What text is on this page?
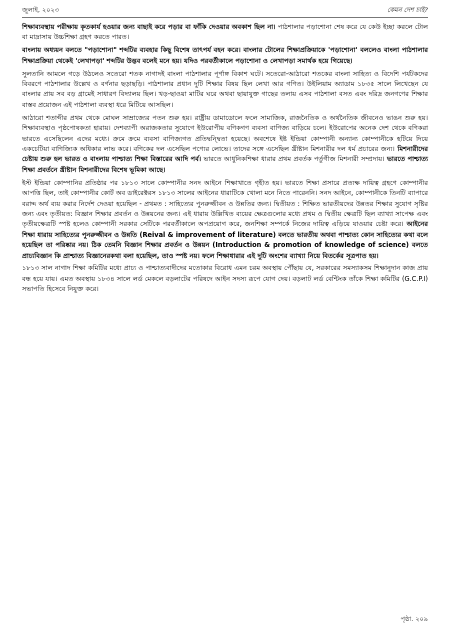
জুলাই, ২০২৩	কেমন দেশ চাই?

শিক্ষাব্যবস্থায় পরীক্ষায় কৃতকার্য হওয়ার জন্য বাছাই করে পড়ার বা ফাঁকি দেওয়ার অবকাশ ছিল না। পাঠশালার পড়াশোনা শেষ করে যে কেউ ইচ্ছা করলে টোল বা মাদ্রাসায় উচ্চশিক্ষা গ্রহণ করতে পারত।

বাংলায় অধ্যয়ন বলতে "পড়াশোনা" শব্দটির ব্যবহার কিছু বিশেষ তাৎপর্য বহন করে। বাংলার টোলের শিক্ষাপ্রক্রিয়াকে 'পড়াশোনা' বললেও বাংলা পাঠশালার শিক্ষাপ্রক্রিয়া থেকেই 'লেখাপড়া' শব্দটির উদ্ভব বলেই মনে হয়। যদিও পরবর্তীকালে পড়াশোনা ও লেখাপড়া সমার্থক হয়ে গিয়েছে।

সুলতানি আমলে গড়ে উঠলেও সতেরো শতক নাগাদই বাংলা পাঠশালার পূর্ণাঙ্গ বিকাশ ঘটে। সতেরো-আঠারো শতকের বাংলা সাহিত্য ও বিদেশি পর্যটকদের বিবরণে পাঠশালার উল্লেখ ও বর্ণনার ছড়াছড়ি। পাঠশালার প্রধান দুটি শিক্ষার বিষয় ছিল লেখা আর গণিত। উইলিয়াম অ্যাডাম ১৮৩৫ সালে লিখেছেন যে বাংলার প্রায় সব বড় গ্রামেই সাধারণ বিদ্যালয় ছিল। খড়-ছাওয়া মাটির ঘরে অথবা ছায়াযুক্ত গাছের তলায় এসব পাঠশালা বসত এবং দরিদ্র জনগণের শিক্ষার বাস্তব প্রয়োজন এই পাঠশালা ব্যবস্থা ধরে মিটিয়ে আসছিল।

আঠারো শতাব্দীর প্রথম থেকে মোঘল সাম্রাজ্যের পতন শুরু হয়। রাষ্ট্রীয় ডামাডোলে ফলে সামাজিক, রাজনৈতিক ও অর্থনৈতিক জীবনেও ভাঙন শুরু হয়। শিক্ষাব্যবস্থাও পৃষ্ঠপোষকতা হারায়। দেশব্যাপী অরাজকতার সুযোগে ইউরোপীয় বণিকগণ ব্যবসা বাণিজ্য বাড়িয়ে চলে। ইউরোপের অনেক দেশ থেকে বণিকরা ভারতে এসেছিলেন এদের মধ্যে। ক্রমে ক্রমে ব্যবসা বাণিজ্যগত প্রতিদ্বন্দ্বিতা হয়েছে। অবশেষে ইষ্ট ইন্ডিয়া কোম্পানী অন্যান্য কোম্পানীকে হটিয়ে দিয়ে একচেটিয়া বাণিজ্যিক অধিকার লাভ করে। বণিকের দল এসেছিল পণ্যের লোভে। তাদের সঙ্গে এসেছিল খ্রীষ্টান মিশনারীর দল ধর্ম প্রচারের জন্য। মিশনারীদের চেষ্টায় শুরু হল ভারত ও বাংলায় পাশ্চাত্য শিক্ষা বিস্তারের আদি পর্ব। ভারতে আধুনিকশিক্ষা ধারার প্রথম প্রবর্তক পর্তুগীজ মিশনারী সম্প্রদায়। ভারতে পাশ্চাত্য শিক্ষা প্রবর্তনে খ্রীষ্টান মিশনারীদের বিশেষ ভূমিকা আছে।

ইস্ট ইন্ডিয়া কোম্পানির প্রতিষ্ঠার পর ১৮১৩ সালে কোম্পানীর সনদ আইনে শিক্ষাখাতে গৃহীত হয়। ভারতে শিক্ষা প্রসারে প্রত্যক্ষ দায়িত্ব গ্রহণে কোম্পানীর আপত্তি ছিল, তাই কোম্পানীর কোর্ট অব ডাইরেক্টরস ১৮১৩ সালের আইনের ধারাটিকে খোলা মনে নিতে পারেননি। সনদ আইনে, কোম্পানীকে তিনটি ব্যাপারে বরাদ্দ অর্থ ব্যয় করার নির্দেশ দেওয়া হয়েছিল - প্রথমত : সাহিত্যের পুনরুজ্জীবন ও উন্নতির জন্য। দ্বিতীয়ত : শিক্ষিত ভারতীয়দের উন্নতর শিক্ষার সুযোগ সৃষ্টির জন্য এবং তৃতীয়ত: বিজ্ঞান শিক্ষার প্রবর্তন ও উন্নয়নের জন্য। এই ধারায় উল্লিখিত ব্যয়ের ক্ষেত্রগুলোর মধ্যে প্রথম ও দ্বিতীয় ক্ষেত্রটি ছিল ব্যাখ্যা সাপেক্ষ এবং তৃতীয়ক্ষেত্রটি স্পষ্ট হলেও কোম্পানী সরকার সেটিকে পরবর্তীকালে অপপ্রয়োগ করে, জনশিক্ষা সম্পর্কে নিজের দায়িত্ব এড়িয়ে যাওয়ার চেষ্টা করে। আইনের শিক্ষা ধারায় সাহিত্যের পুনরুজ্জীবন ও উন্নতি (Reival & improvement of literature) বলতে ভারতীয় অথবা পাশ্চাত্য কোন সাহিত্যের কথা বলে হয়েছিল তা পরিষ্কার নয়। ঠিক তেমনি বিজ্ঞান শিক্ষার প্রবর্তন ও উন্নয়ন (Introduction & promotion of knowledge of science) বলতে প্রাচ্যবিজ্ঞান কি প্রাশ্চাত্য বিজ্ঞানেরকথা বলা হয়েছিল, তাও স্পষ্ট নয়। ফলে শিক্ষাধারার এই দুটি অংশের ব্যাখ্যা নিয়ে বিতর্কের সূত্রপাত হয়।

১৮১৩ সাল নাগাদ শিক্ষা কমিটির মধ্যে প্রাচ্য ও পাশ্চাত্যবাদীদের মতোকার বিরোধ এমন চরম অবস্থায় পৌঁছায় যে, সরকারের সমস্যাকসম শিক্ষানুদান কাজ প্রায় বন্ধ হয়ে যায়। এমত অবস্থায় ১৮৩৪ সালে লর্ড মেকলে বড়লাটের পরিষদে আইন সদস্য রূপে যোগ দেয়। বড়লাট লর্ড বেন্টিংক তাঁকে শিক্ষা কমিটির (G.C.P.I) সভাপতি হিসেবে নিযুক্ত করে।

পৃষ্ঠা. ২০৯
